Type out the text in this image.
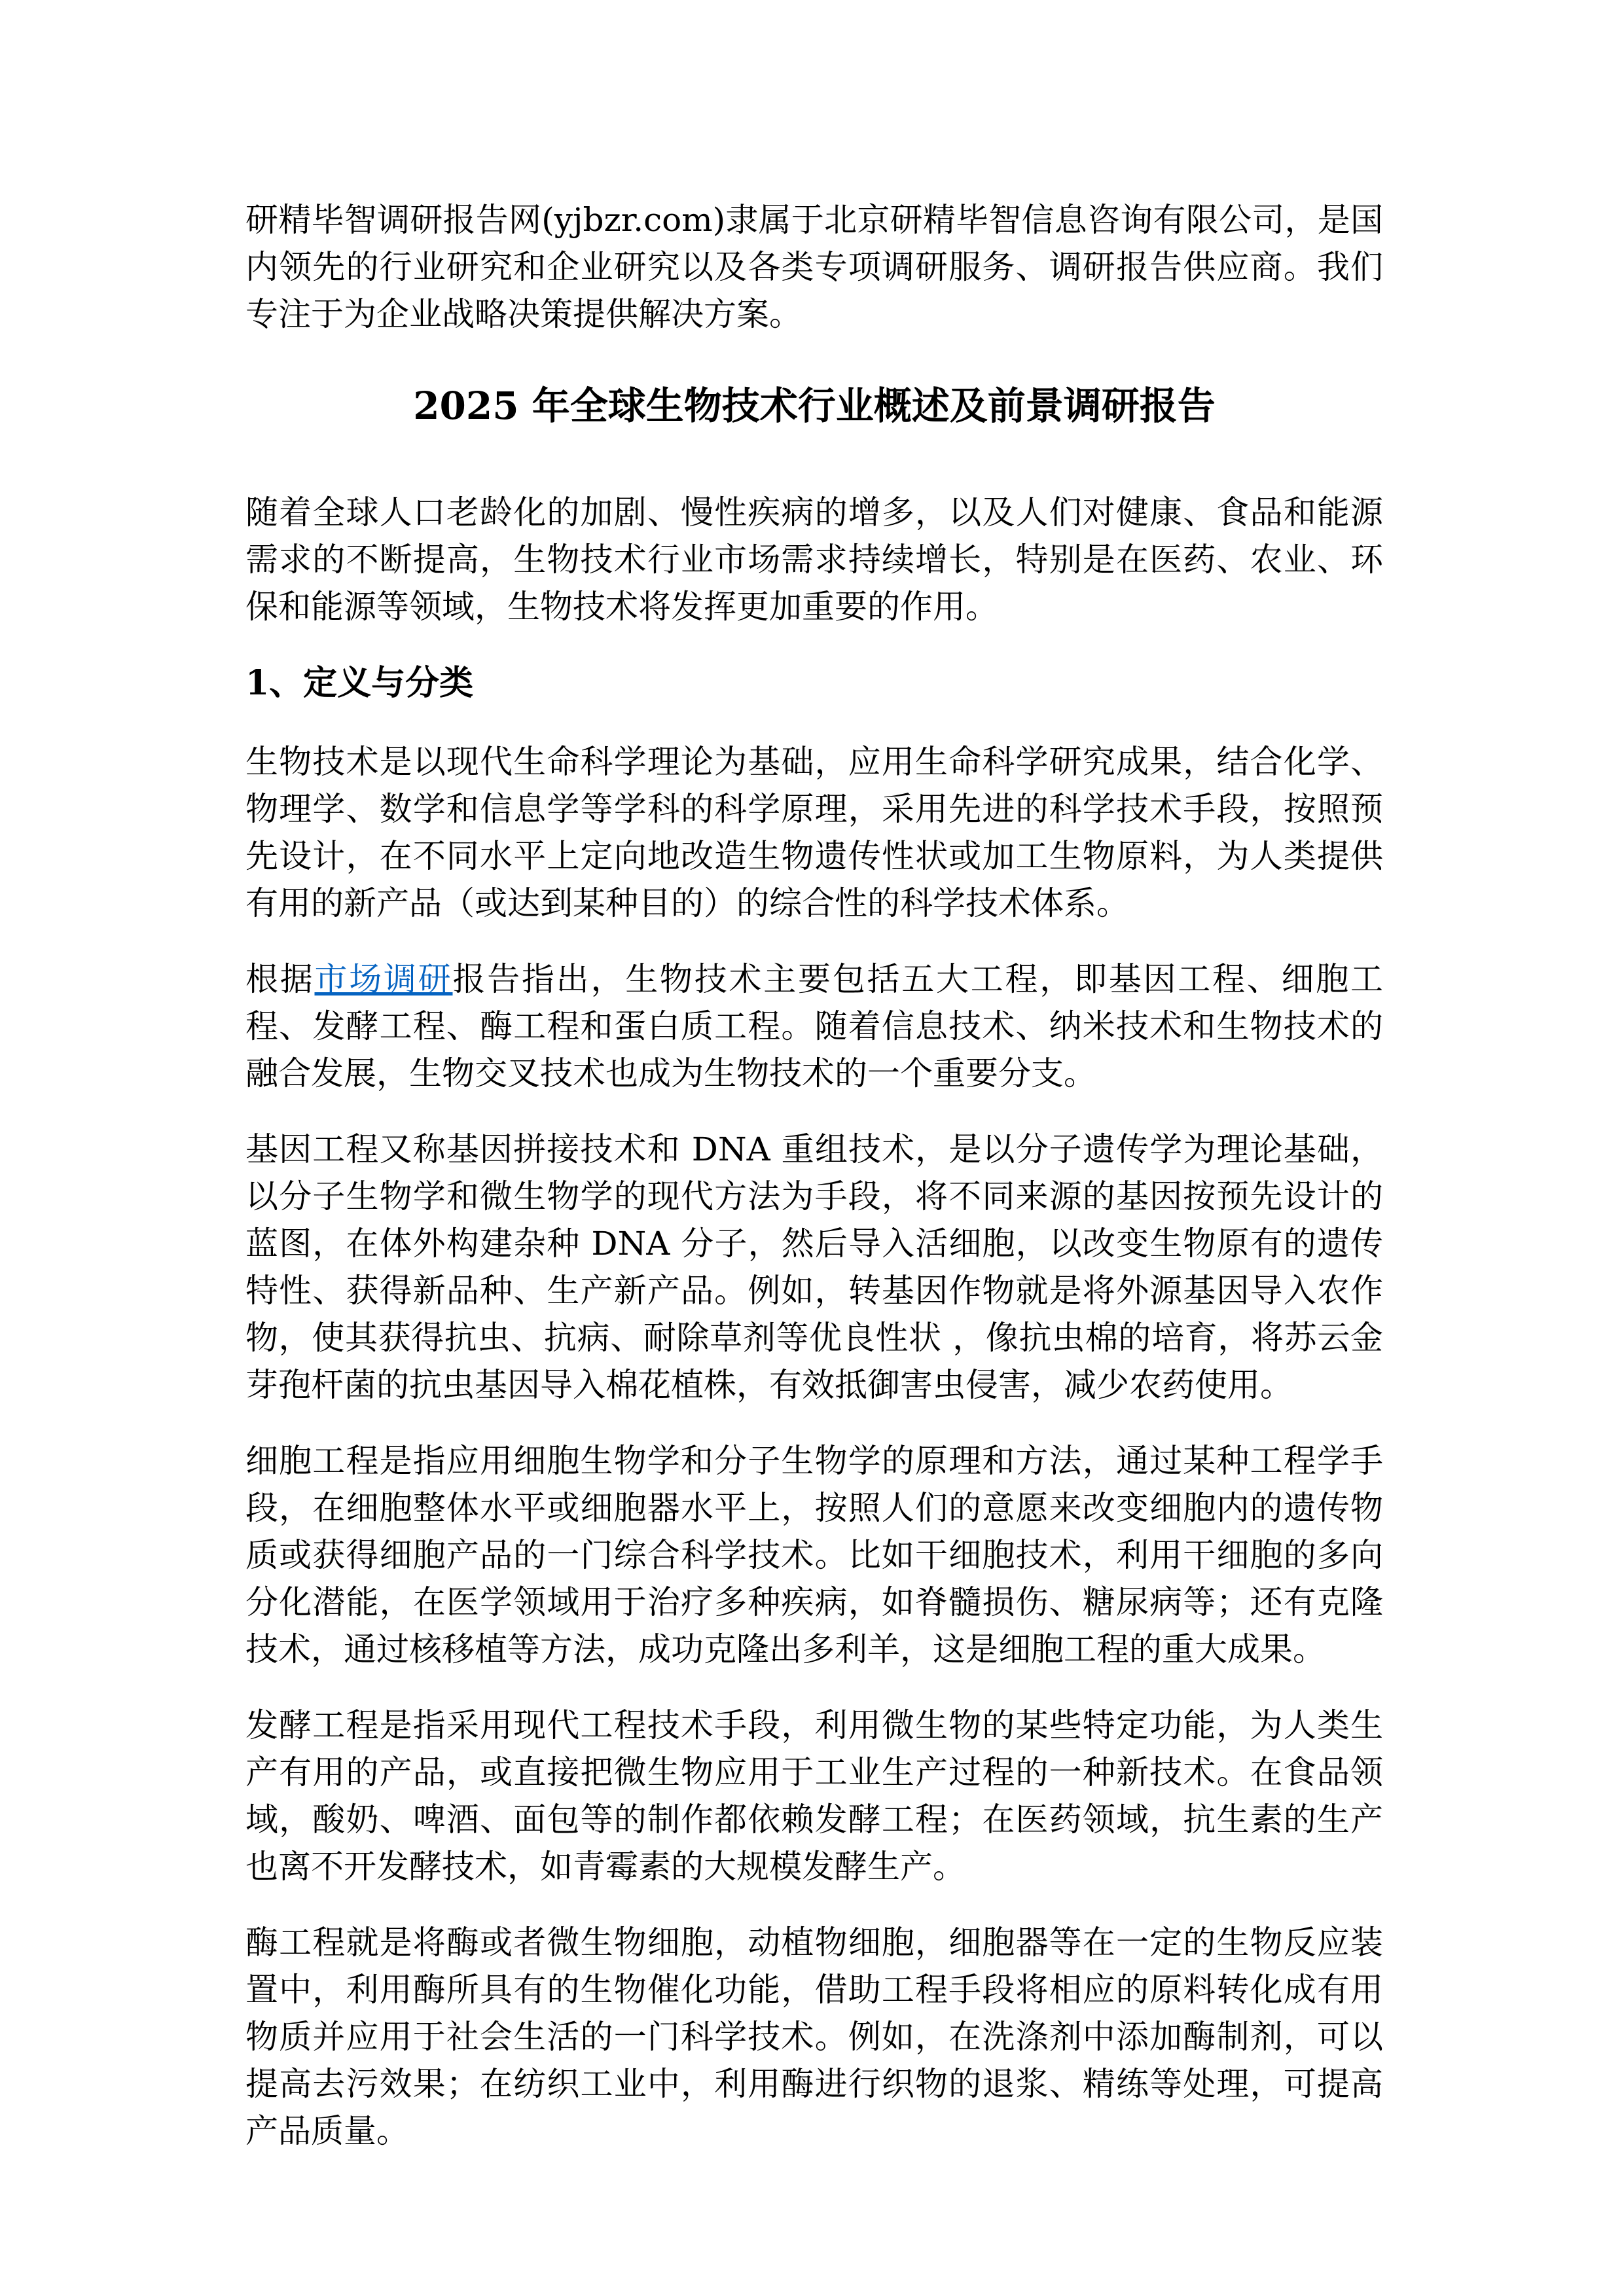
研精毕智调研报告网(yjbzr.com)隶属于北京研精毕智信息咨询有限公司，是国内领先的行业研究和企业研究以及各类专项调研服务、调研报告供应商。我们专注于为企业战略决策提供解决方案。

2025 年全球生物技术行业概述及前景调研报告

随着全球人口老龄化的加剧、慢性疾病的增多，以及人们对健康、食品和能源需求的不断提高，生物技术行业市场需求持续增长，特别是在医药、农业、环保和能源等领域，生物技术将发挥更加重要的作用。

1、定义与分类

生物技术是以现代生命科学理论为基础，应用生命科学研究成果，结合化学、物理学、数学和信息学等学科的科学原理，采用先进的科学技术手段，按照预先设计，在不同水平上定向地改造生物遗传性状或加工生物原料，为人类提供有用的新产品（或达到某种目的）的综合性的科学技术体系。

根据市场调研报告指出，生物技术主要包括五大工程，即基因工程、细胞工程、发酵工程、酶工程和蛋白质工程。随着信息技术、纳米技术和生物技术的融合发展，生物交叉技术也成为生物技术的一个重要分支。

基因工程又称基因拼接技术和 DNA 重组技术，是以分子遗传学为理论基础，以分子生物学和微生物学的现代方法为手段，将不同来源的基因按预先设计的蓝图，在体外构建杂种 DNA 分子，然后导入活细胞，以改变生物原有的遗传特性、获得新品种、生产新产品。例如，转基因作物就是将外源基因导入农作物，使其获得抗虫、抗病、耐除草剂等优良性状 ，像抗虫棉的培育，将苏云金芽孢杆菌的抗虫基因导入棉花植株，有效抵御害虫侵害，减少农药使用。

细胞工程是指应用细胞生物学和分子生物学的原理和方法，通过某种工程学手段，在细胞整体水平或细胞器水平上，按照人们的意愿来改变细胞内的遗传物质或获得细胞产品的一门综合科学技术。比如干细胞技术，利用干细胞的多向分化潜能，在医学领域用于治疗多种疾病，如脊髓损伤、糖尿病等；还有克隆技术，通过核移植等方法，成功克隆出多利羊，这是细胞工程的重大成果。

发酵工程是指采用现代工程技术手段，利用微生物的某些特定功能，为人类生产有用的产品，或直接把微生物应用于工业生产过程的一种新技术。在食品领域，酸奶、啤酒、面包等的制作都依赖发酵工程；在医药领域，抗生素的生产也离不开发酵技术，如青霉素的大规模发酵生产。

酶工程就是将酶或者微生物细胞，动植物细胞，细胞器等在一定的生物反应装置中，利用酶所具有的生物催化功能，借助工程手段将相应的原料转化成有用物质并应用于社会生活的一门科学技术。例如，在洗涤剂中添加酶制剂，可以提高去污效果；在纺织工业中，利用酶进行织物的退浆、精练等处理，可提高产品质量。
